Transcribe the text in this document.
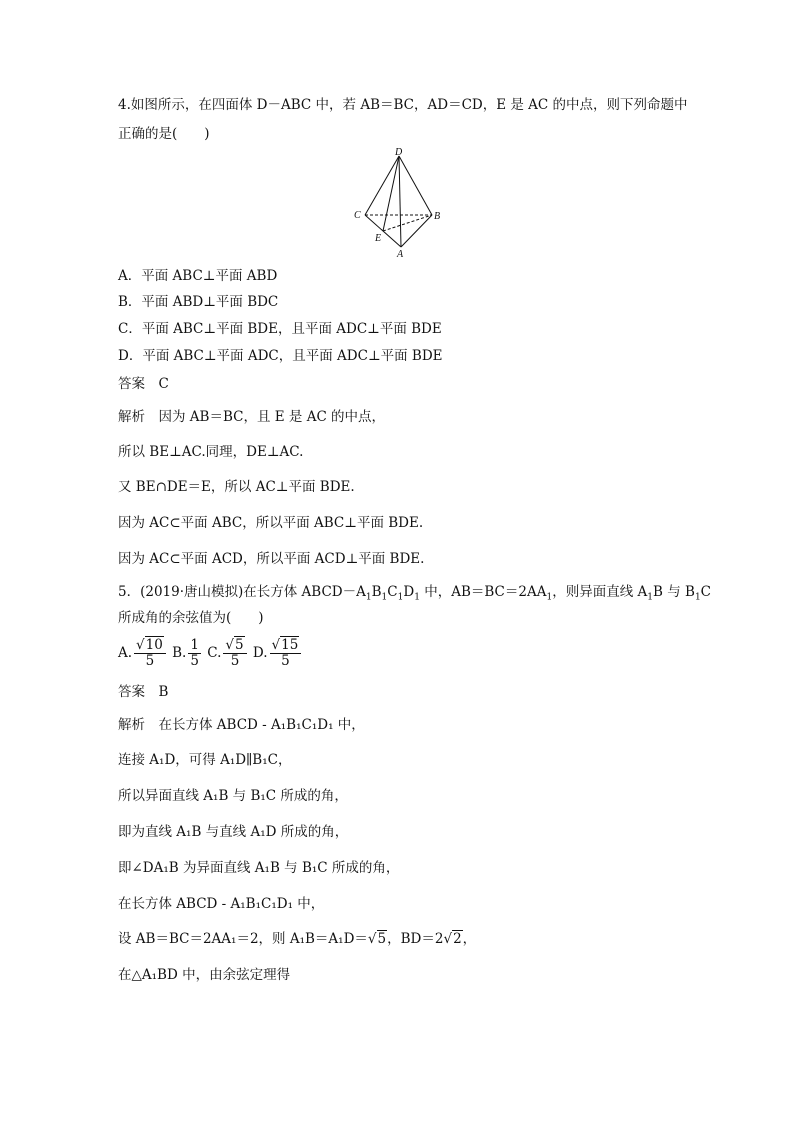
4.如图所示，在四面体 D－ABC 中，若 AB＝BC，AD＝CD，E 是 AC 的中点，则下列命题中
正确的是(　　)
D
C	B
E
A
A．平面 ABC⊥平面 ABD
B．平面 ABD⊥平面 BDC
C．平面 ABC⊥平面 BDE，且平面 ADC⊥平面 BDE
D．平面 ABC⊥平面 ADC，且平面 ADC⊥平面 BDE
答案　C
解析　因为 AB＝BC，且 E 是 AC 的中点，
所以 BE⊥AC.同理，DE⊥AC.
又 BE∩DE＝E，所以 AC⊥平面 BDE.
因为 AC⊂平面 ABC，所以平面 ABC⊥平面 BDE.
因为 AC⊂平面 ACD，所以平面 ACD⊥平面 BDE.
5．(2019·唐山模拟)在长方体 $ABCD-A_1B_1C_1D_1$ 中，$AB=BC=2AA_1$，则异面直线 $A_1B$ 与 $B_1C$
所成角的余弦值为(　　)
A. $\frac{√10}{5} B$. $\frac{1}{5} C$. $\frac{√5}{5} D$. $\frac{√15}{5}$
答案　B
解析　在长方体 ABCD - A₁B₁C₁D₁ 中，
连接 A₁D，可得 A₁D∥B₁C，
所以异面直线 A₁B 与 B₁C 所成的角，
即为直线 A₁B 与直线 A₁D 所成的角，
即∠DA₁B 为异面直线 A₁B 与 B₁C 所成的角，
在长方体 ABCD - A₁B₁C₁D₁ 中，
设 AB＝BC＝2AA₁＝2，则 A₁B＝A₁D＝√5，BD＝2√2，
在△A₁BD 中，由余弦定理得
